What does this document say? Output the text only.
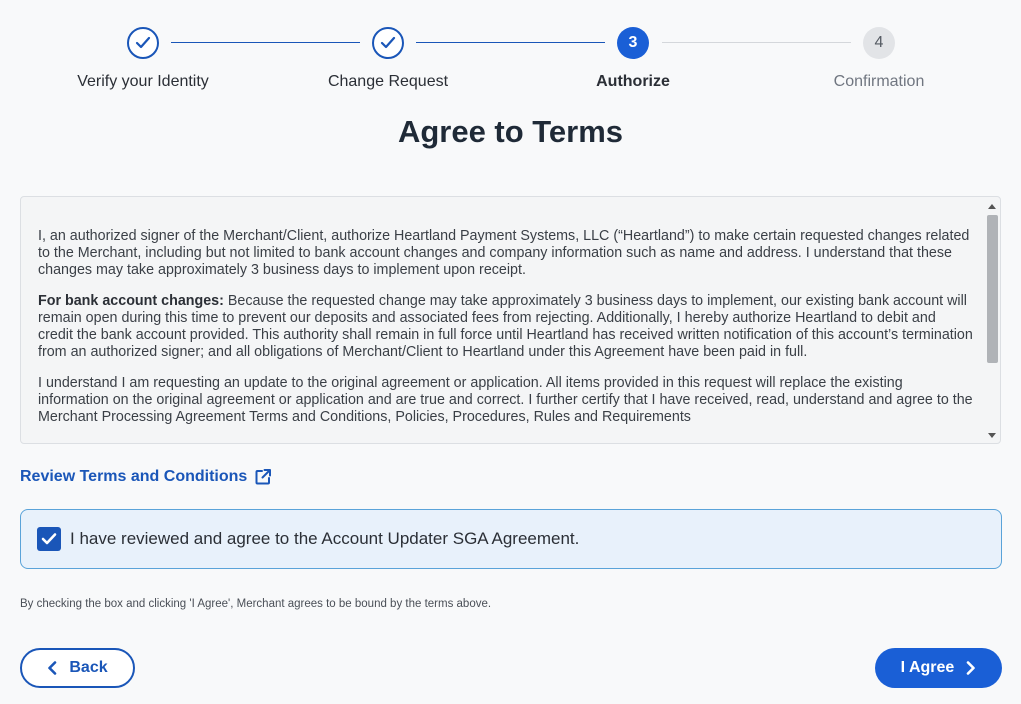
3	4
Verify your Identity	Change Request	Authorize	Confirmation
Agree to Terms

I, an authorized signer of the Merchant/Client, authorize Heartland Payment Systems, LLC (“Heartland”) to make certain requested changes related to the Merchant, including but not limited to bank account changes and company information such as name and address. I understand that these changes may take approximately 3 business days to implement upon receipt.

For bank account changes: Because the requested change may take approximately 3 business days to implement, our existing bank account will remain open during this time to prevent our deposits and associated fees from rejecting. Additionally, I hereby authorize Heartland to debit and credit the bank account provided. This authority shall remain in full force until Heartland has received written notification of this account’s termination from an authorized signer; and all obligations of Merchant/Client to Heartland under this Agreement have been paid in full.

I understand I am requesting an update to the original agreement or application. All items provided in this request will replace the existing information on the original agreement or application and are true and correct. I further certify that I have received, read, understand and agree to the Merchant Processing Agreement Terms and Conditions, Policies, Procedures, Rules and Requirements

Review Terms and Conditions
I have reviewed and agree to the Account Updater SGA Agreement.
By checking the box and clicking 'I Agree', Merchant agrees to be bound by the terms above.
Back	I Agree
